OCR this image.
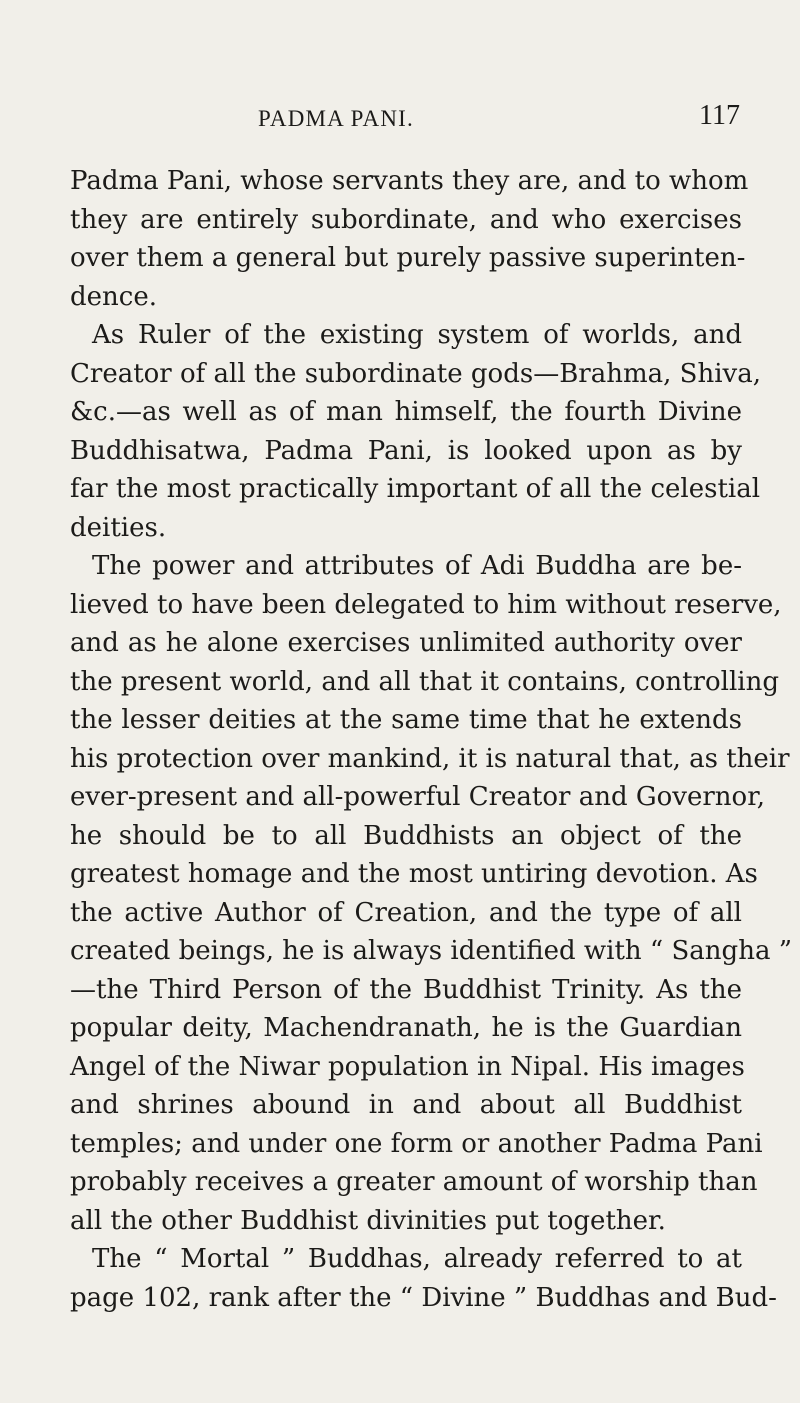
PADMA PANI.	117
Padma Pani, whose servants they are, and to whom
they are entirely subordinate, and who exercises
over them a general but purely passive superinten-
dence.
As Ruler of the existing system of worlds, and
Creator of all the subordinate gods—Brahma, Shiva,
&c.—as well as of man himself, the fourth Divine
Buddhisatwa, Padma Pani, is looked upon as by
far the most practically important of all the celestial
deities.
The power and attributes of Adi Buddha are be-
lieved to have been delegated to him without reserve,
and as he alone exercises unlimited authority over
the present world, and all that it contains, controlling
the lesser deities at the same time that he extends
his protection over mankind, it is natural that, as their
ever-present and all-powerful Creator and Governor,
he should be to all Buddhists an object of the
greatest homage and the most untiring devotion. As
the active Author of Creation, and the type of all
created beings, he is always identified with “ Sangha ”
—the Third Person of the Buddhist Trinity. As the
popular deity, Machendranath, he is the Guardian
Angel of the Niwar population in Nipal. His images
and shrines abound in and about all Buddhist
temples; and under one form or another Padma Pani
probably receives a greater amount of worship than
all the other Buddhist divinities put together.
The “ Mortal ” Buddhas, already referred to at
page 102, rank after the “ Divine ” Buddhas and Bud-
